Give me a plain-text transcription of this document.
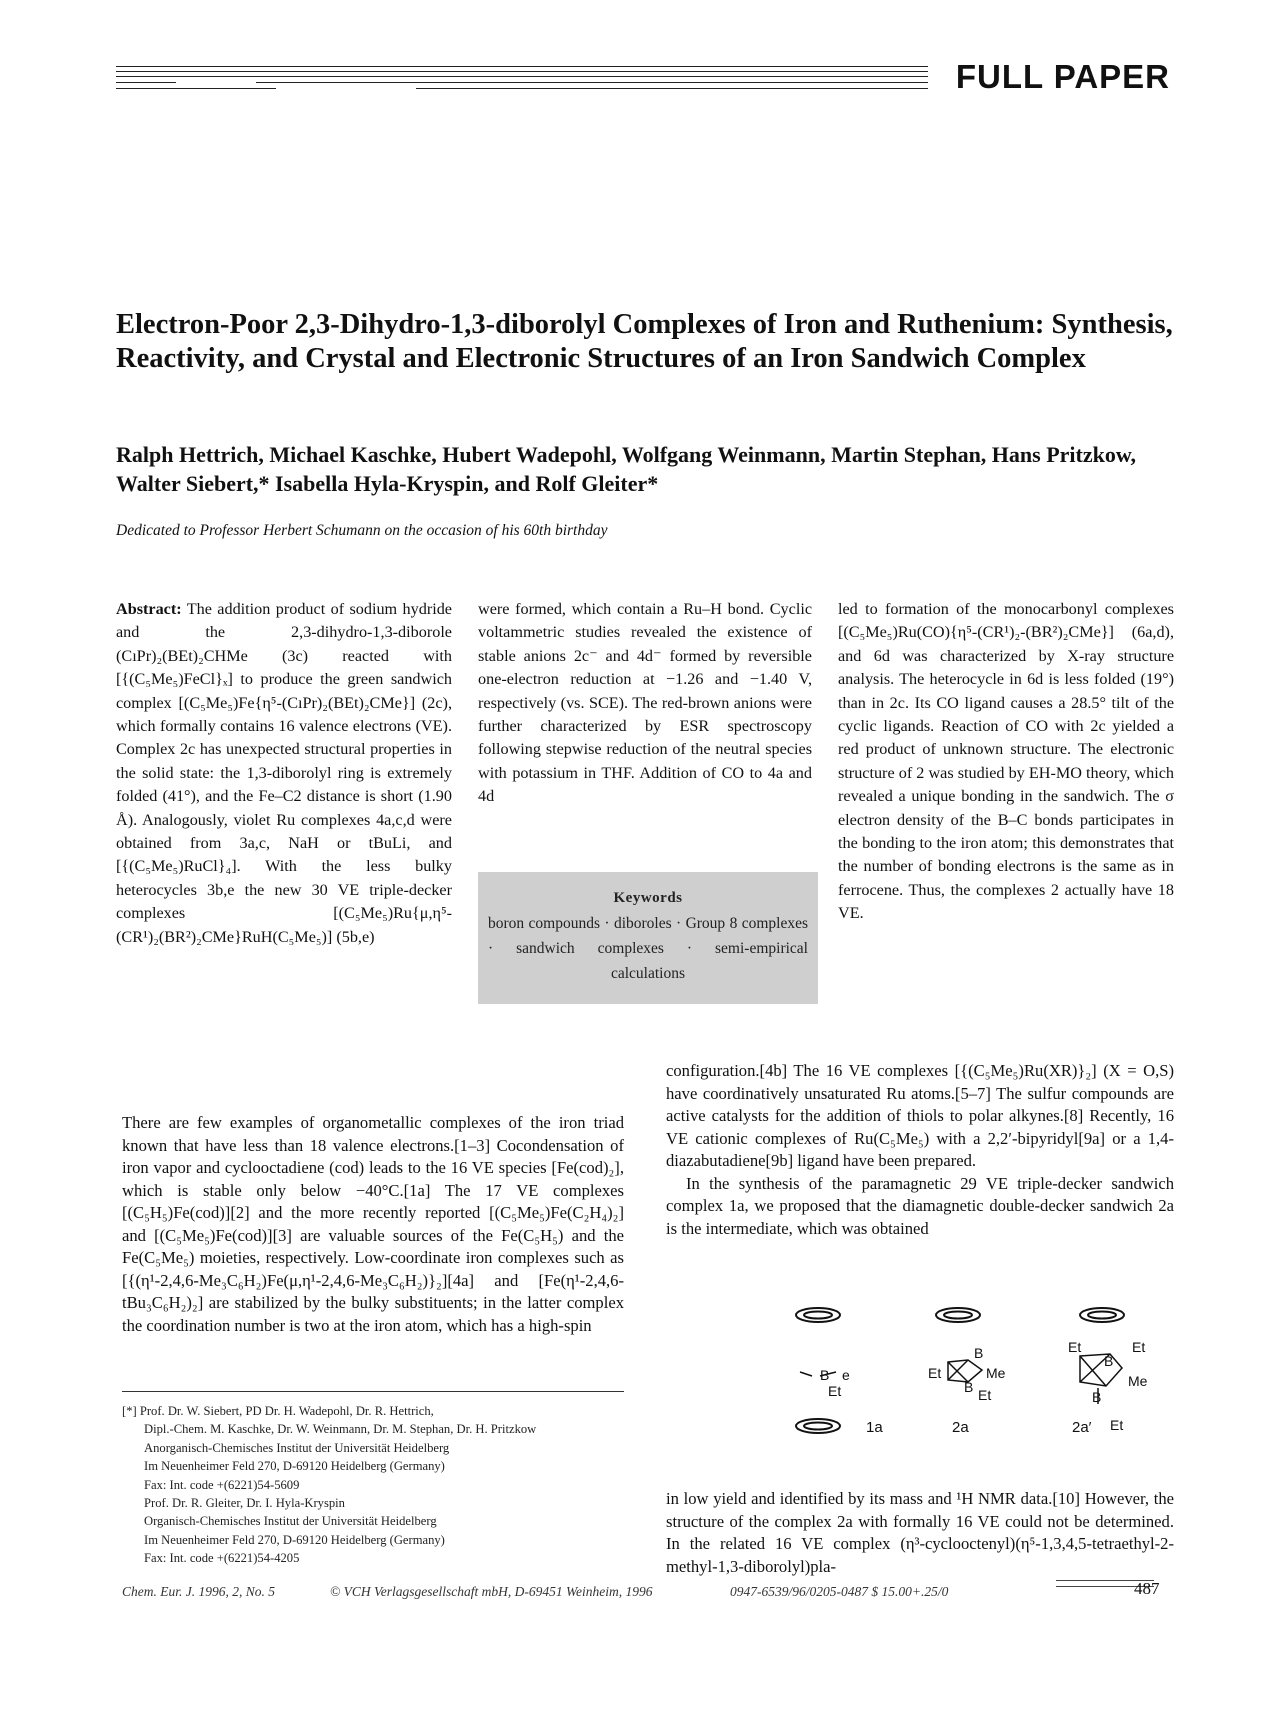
FULL PAPER
Electron-Poor 2,3-Dihydro-1,3-diborolyl Complexes of Iron and Ruthenium: Synthesis, Reactivity, and Crystal and Electronic Structures of an Iron Sandwich Complex
Ralph Hettrich, Michael Kaschke, Hubert Wadepohl, Wolfgang Weinmann, Martin Stephan, Hans Pritzkow, Walter Siebert,* Isabella Hyla-Kryspin, and Rolf Gleiter*
Dedicated to Professor Herbert Schumann on the occasion of his 60th birthday
Abstract: The addition product of sodium hydride and the 2,3-dihydro-1,3-diborole (CıPr)₂(BEt)₂CHMe (3c) reacted with [{(C₅Me₅)FeCl}ₓ] to produce the green sandwich complex [(C₅Me₅)Fe{η⁵-(CıPr)₂(BEt)₂CMe}] (2c), which formally contains 16 valence electrons (VE). Complex 2c has unexpected structural properties in the solid state: the 1,3-diborolyl ring is extremely folded (41°), and the Fe–C2 distance is short (1.90 Å). Analogously, violet Ru complexes 4a,c,d were obtained from 3a,c, NaH or tBuLi, and [{(C₅Me₅)RuCl}₄]. With the less bulky heterocycles 3b,e the new 30 VE triple-decker complexes [(C₅Me₅)Ru{μ,η⁵-(CR¹)₂(BR²)₂CMe}RuH(C₅Me₅)] (5b,e)
were formed, which contain a Ru–H bond. Cyclic voltammetric studies revealed the existence of stable anions 2c⁻ and 4d⁻ formed by reversible one-electron reduction at −1.26 and −1.40 V, respectively (vs. SCE). The red-brown anions were further characterized by ESR spectroscopy following stepwise reduction of the neutral species with potassium in THF. Addition of CO to 4a and 4d
led to formation of the monocarbonyl complexes [(C₅Me₅)Ru(CO){η⁵-(CR¹)₂-(BR²)₂CMe}] (6a,d), and 6d was characterized by X-ray structure analysis. The heterocycle in 6d is less folded (19°) than in 2c. Its CO ligand causes a 28.5° tilt of the cyclic ligands. Reaction of CO with 2c yielded a red product of unknown structure. The electronic structure of 2 was studied by EH-MO theory, which revealed a unique bonding in the sandwich. The σ electron density of the B–C bonds participates in the bonding to the iron atom; this demonstrates that the number of bonding electrons is the same as in ferrocene. Thus, the complexes 2 actually have 18 VE.
Keywords
boron compounds · diboroles · Group 8 complexes · sandwich complexes · semi-empirical calculations
There are few examples of organometallic complexes of the iron triad known that have less than 18 valence electrons.[1–3] Cocondensation of iron vapor and cyclooctadiene (cod) leads to the 16 VE species [Fe(cod)₂], which is stable only below −40°C.[1a] The 17 VE complexes [(C₅H₅)Fe(cod)][2] and the more recently reported [(C₅Me₅)Fe(C₂H₄)₂] and [(C₅Me₅)Fe(cod)][3] are valuable sources of the Fe(C₅H₅) and the Fe(C₅Me₅) moieties, respectively. Low-coordinate iron complexes such as [{(η¹-2,4,6-Me₃C₆H₂)Fe(μ,η¹-2,4,6-Me₃C₆H₂)}₂][4a] and [Fe(η¹-2,4,6-tBu₃C₆H₂)₂] are stabilized by the bulky substituents; in the latter complex the coordination number is two at the iron atom, which has a high-spin
configuration.[4b] The 16 VE complexes [{(C₅Me₅)Ru(XR)}₂] (X = O,S) have coordinatively unsaturated Ru atoms.[5–7] The sulfur compounds are active catalysts for the addition of thiols to polar alkynes.[8] Recently, 16 VE cationic complexes of Ru(C₅Me₅) with a 2,2′-bipyridyl[9a] or a 1,4-diazabutadiene[9b] ligand have been prepared.
In the synthesis of the paramagnetic 29 VE triple-decker sandwich complex 1a, we proposed that the diamagnetic double-decker sandwich 2a is the intermediate, which was obtained
in low yield and identified by its mass and ¹H NMR data.[10] However, the structure of the complex 2a with formally 16 VE could not be determined. In the related 16 VE complex (η³-cyclooctenyl)(η⁵-1,3,4,5-tetraethyl-2-methyl-1,3-diborolyl)pla-
e
B
Et
Et
B
Me
B Et
Et	Et
B
Me
B
Et
1a	2a	2a′
[*] Prof. Dr. W. Siebert, PD Dr. H. Wadepohl, Dr. R. Hettrich,
Dipl.-Chem. M. Kaschke, Dr. W. Weinmann, Dr. M. Stephan, Dr. H. Pritzkow
Anorganisch-Chemisches Institut der Universität Heidelberg
Im Neuenheimer Feld 270, D-69120 Heidelberg (Germany)
Fax: Int. code +(6221)54-5609
Prof. Dr. R. Gleiter, Dr. I. Hyla-Kryspin
Organisch-Chemisches Institut der Universität Heidelberg
Im Neuenheimer Feld 270, D-69120 Heidelberg (Germany)
Fax: Int. code +(6221)54-4205
Chem. Eur. J. 1996, 2, No. 5	© VCH Verlagsgesellschaft mbH, D-69451 Weinheim, 1996	0947-6539/96/0205-0487 $ 15.00+.25/0	487
